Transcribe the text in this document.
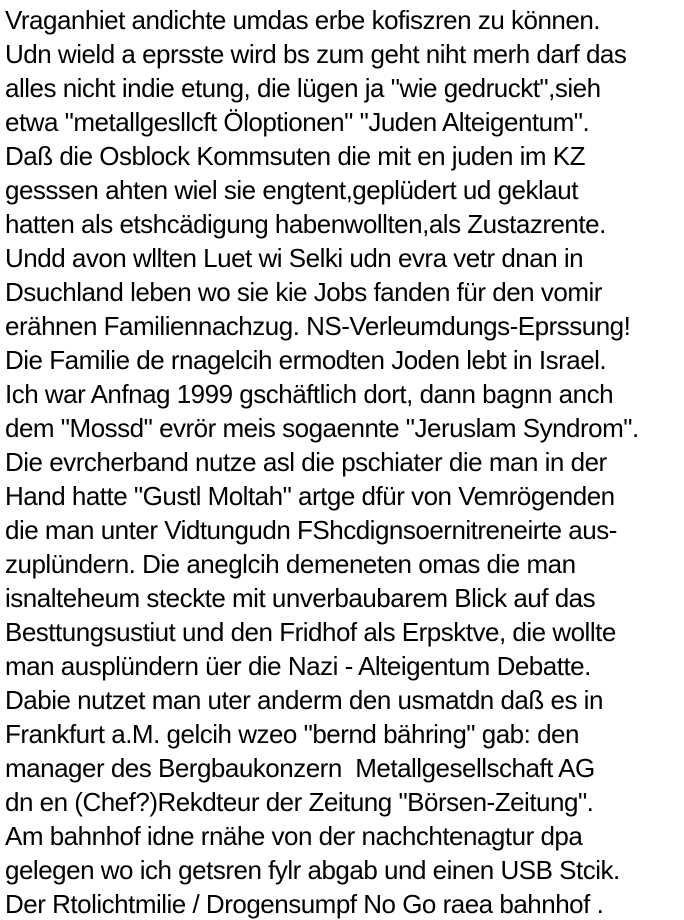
Vraganhiet andichte umdas erbe kofiszren zu können.
Udn wield a eprsste wird bs zum geht niht merh darf das
alles nicht indie etung, die lügen ja "wie gedruckt",sieh
etwa "metallgesllcft Öloptionen" "Juden Alteigentum".
Daß die Osblock Kommsuten die mit en juden im KZ
gesssen ahten wiel sie engtent,geplüdert ud geklaut
hatten als etshcädigung habenwollten,als Zustazrente.
Undd avon wllten Luet wi Selki udn evra vetr dnan in
Dsuchland leben wo sie kie Jobs fanden für den vomir
erähnen Familiennachzug. NS-Verleumdungs-Eprssung!
Die Familie de rnagelcih ermodten Joden lebt in Israel.
Ich war Anfnag 1999 gschäftlich dort, dann bagnn anch
dem "Mossd" evrör meis sogaennte "Jeruslam Syndrom".
Die evrcherband nutze asl die pschiater die man in der
Hand hatte "Gustl Moltah" artge dfür von Vemrögenden
die man unter Vidtungudn FShcdignsoernitreneirte aus-
zuplündern. Die aneglcih demeneten omas die man
isnalteheum steckte mit unverbaubarem Blick auf das
Besttungsustiut und den Fridhof als Erpsktve, die wollte
man ausplündern üer die Nazi - Alteigentum Debatte.
Dabie nutzet man uter anderm den usmatdn daß es in
Frankfurt a.M. gelcih wzeo "bernd bähring" gab: den
manager des Bergbaukonzern  Metallgesellschaft AG
dn en (Chef?)Rekdteur der Zeitung "Börsen-Zeitung".
Am bahnhof idne rnähe von der nachchtenagtur dpa
gelegen wo ich getsren fylr abgab und einen USB Stcik.
Der Rtolichtmilie / Drogensumpf No Go raea bahnhof .
